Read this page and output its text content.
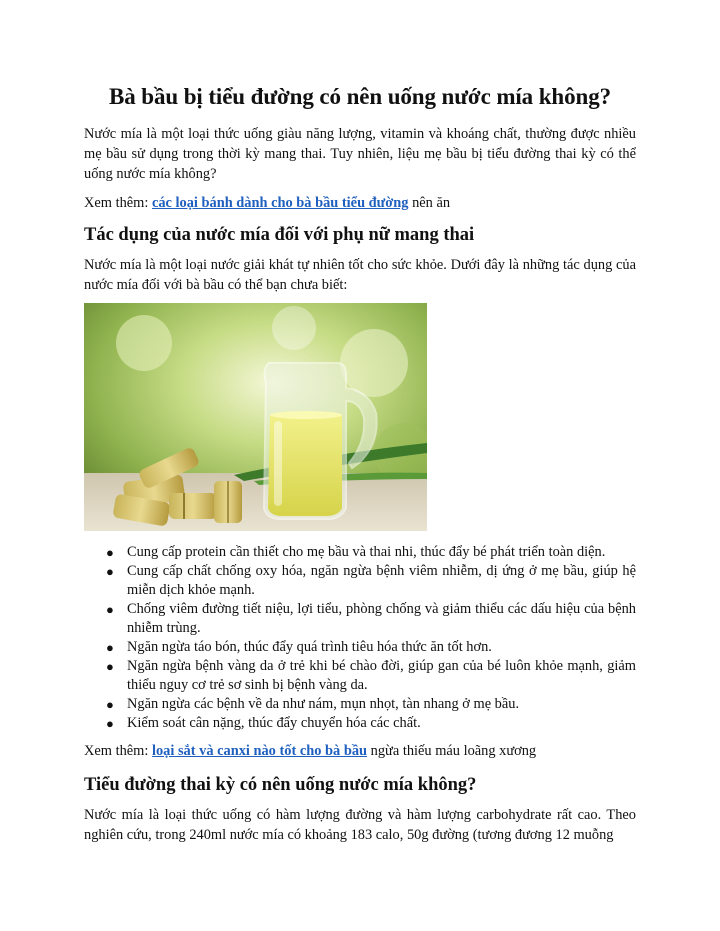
Bà bầu bị tiểu đường có nên uống nước mía không?

Nước mía là một loại thức uống giàu năng lượng, vitamin và khoáng chất, thường được nhiều mẹ bầu sử dụng trong thời kỳ mang thai. Tuy nhiên, liệu mẹ bầu bị tiểu đường thai kỳ có thể uống nước mía không?

Xem thêm: các loại bánh dành cho bà bầu tiểu đường nên ăn

Tác dụng của nước mía đối với phụ nữ mang thai

Nước mía là một loại nước giải khát tự nhiên tốt cho sức khỏe. Dưới đây là những tác dụng của nước mía đối với bà bầu có thể bạn chưa biết:

● Cung cấp protein cần thiết cho mẹ bầu và thai nhi, thúc đẩy bé phát triển toàn diện.
● Cung cấp chất chống oxy hóa, ngăn ngừa bệnh viêm nhiễm, dị ứng ở mẹ bầu, giúp hệ miễn dịch khỏe mạnh.
● Chống viêm đường tiết niệu, lợi tiểu, phòng chống và giảm thiểu các dấu hiệu của bệnh nhiễm trùng.
● Ngăn ngừa táo bón, thúc đẩy quá trình tiêu hóa thức ăn tốt hơn.
● Ngăn ngừa bệnh vàng da ở trẻ khi bé chào đời, giúp gan của bé luôn khỏe mạnh, giảm thiểu nguy cơ trẻ sơ sinh bị bệnh vàng da.
● Ngăn ngừa các bệnh về da như nám, mụn nhọt, tàn nhang ở mẹ bầu.
● Kiểm soát cân nặng, thúc đẩy chuyển hóa các chất.

Xem thêm: loại sắt và canxi nào tốt cho bà bầu ngừa thiếu máu loãng xương

Tiểu đường thai kỳ có nên uống nước mía không?

Nước mía là loại thức uống có hàm lượng đường và hàm lượng carbohydrate rất cao. Theo nghiên cứu, trong 240ml nước mía có khoảng 183 calo, 50g đường (tương đương 12 muỗng
